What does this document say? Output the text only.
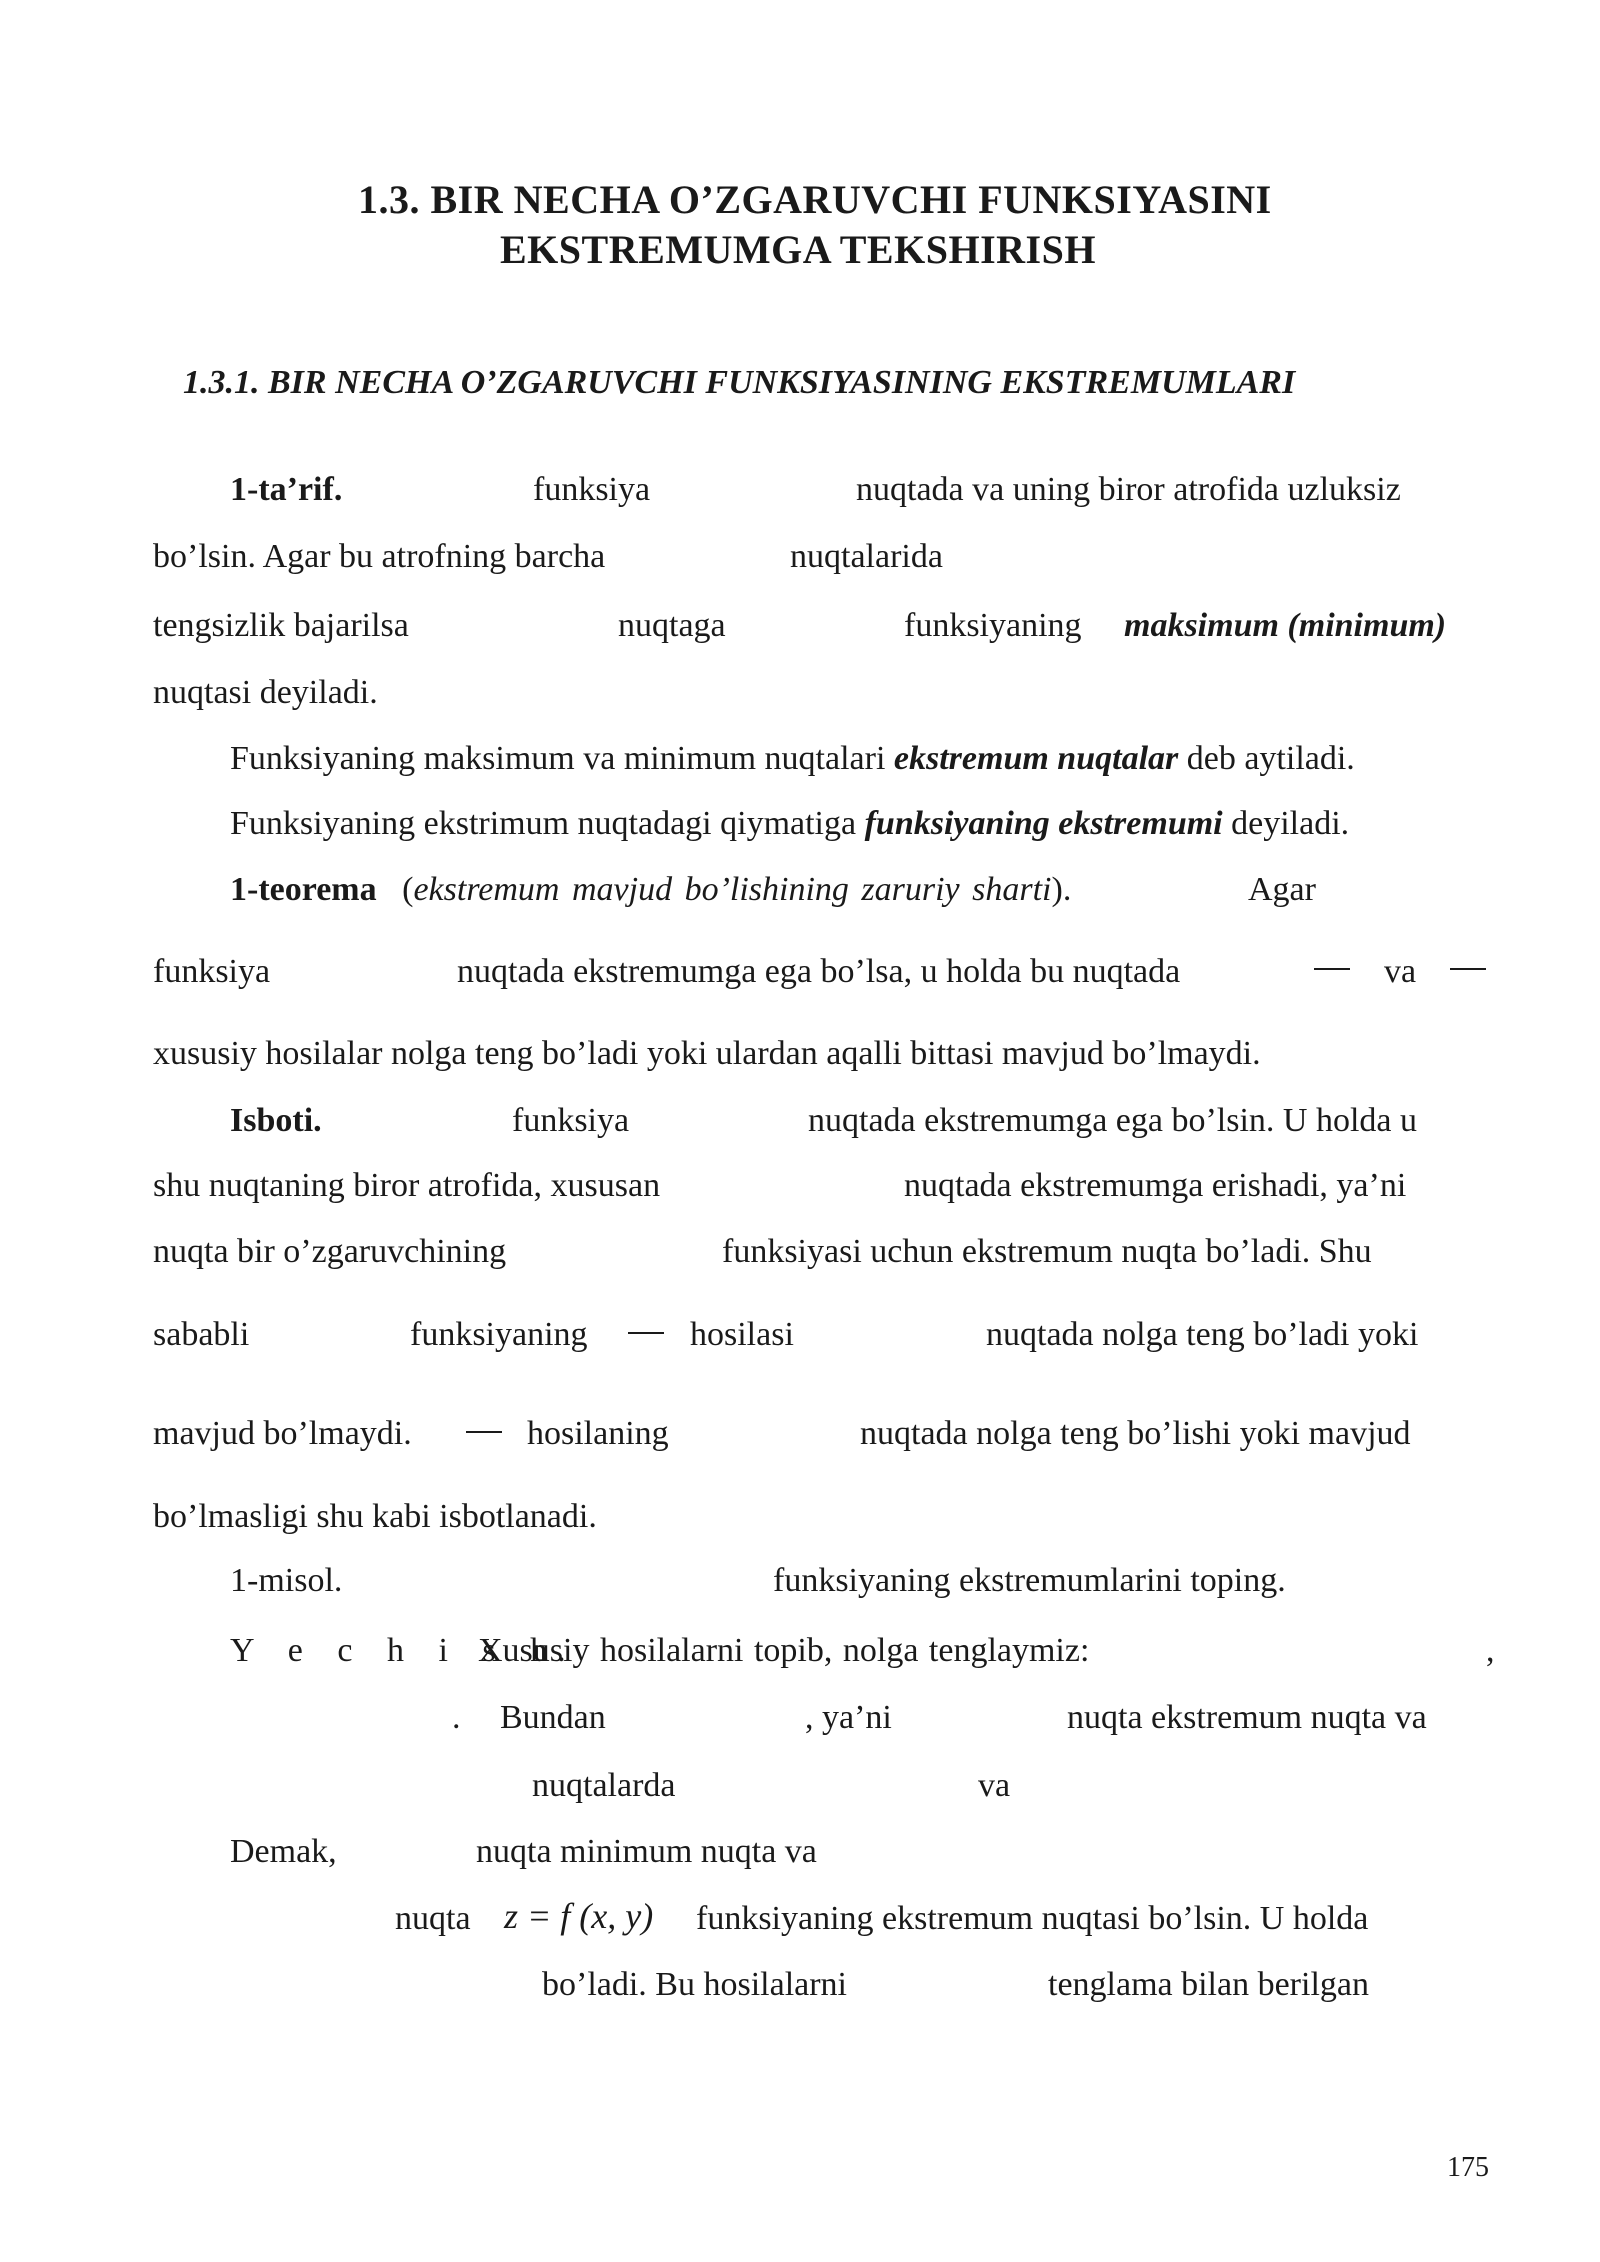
1.3. BIR NECHA O’ZGARUVCHI FUNKSIYASINI
EKSTREMUMGA TEKSHIRISH
1.3.1. BIR NECHA O’ZGARUVCHI FUNKSIYASINING EKSTREMUMLARI
1-ta’rif.	funksiya	nuqtada va uning biror atrofida uzluksiz
bo’lsin. Agar bu atrofning barcha	nuqtalarida
tengsizlik bajarilsa	nuqtaga	funksiyaning maksimum (minimum)
nuqtasi deyiladi.
Funksiyaning maksimum va minimum nuqtalari ekstremum nuqtalar deb aytiladi.
Funksiyaning ekstrimum nuqtadagi qiymatiga funksiyaning ekstremumi deyiladi.
1-teorema (ekstremum mavjud bo’lishining zaruriy sharti).	Agar
funksiya	nuqtada ekstremumga ega bo’lsa, u holda bu nuqtada	va
xususiy hosilalar nolga teng bo’ladi yoki ulardan aqalli bittasi mavjud bo’lmaydi.
Isboti.	funksiya	nuqtada ekstremumga ega bo’lsin. U holda u
shu nuqtaning biror atrofida, xususan	nuqtada ekstremumga erishadi, ya’ni
nuqta bir o’zgaruvchining	funksiyasi uchun ekstremum nuqta bo’ladi. Shu
sababli	funksiyaning	hosilasi	nuqtada nolga teng bo’ladi yoki
mavjud bo’lmaydi.	hosilaning	nuqtada nolga teng bo’lishi yoki mavjud
bo’lmasligi shu kabi isbotlanadi.
1-misol.	funksiyaning ekstremumlarini toping.
Y e c h i s h.
Xususiy hosilalarni topib, nolga tenglaymiz:	,
. Bundan	, ya’ni	nuqta ekstremum nuqta va
nuqtalarda	va
Demak,	nuqta minimum nuqta va
nuqta z = f (x, y) funksiyaning ekstremum nuqtasi bo’lsin. U holda
bo’ladi. Bu hosilalarni	tenglama bilan berilgan
175
